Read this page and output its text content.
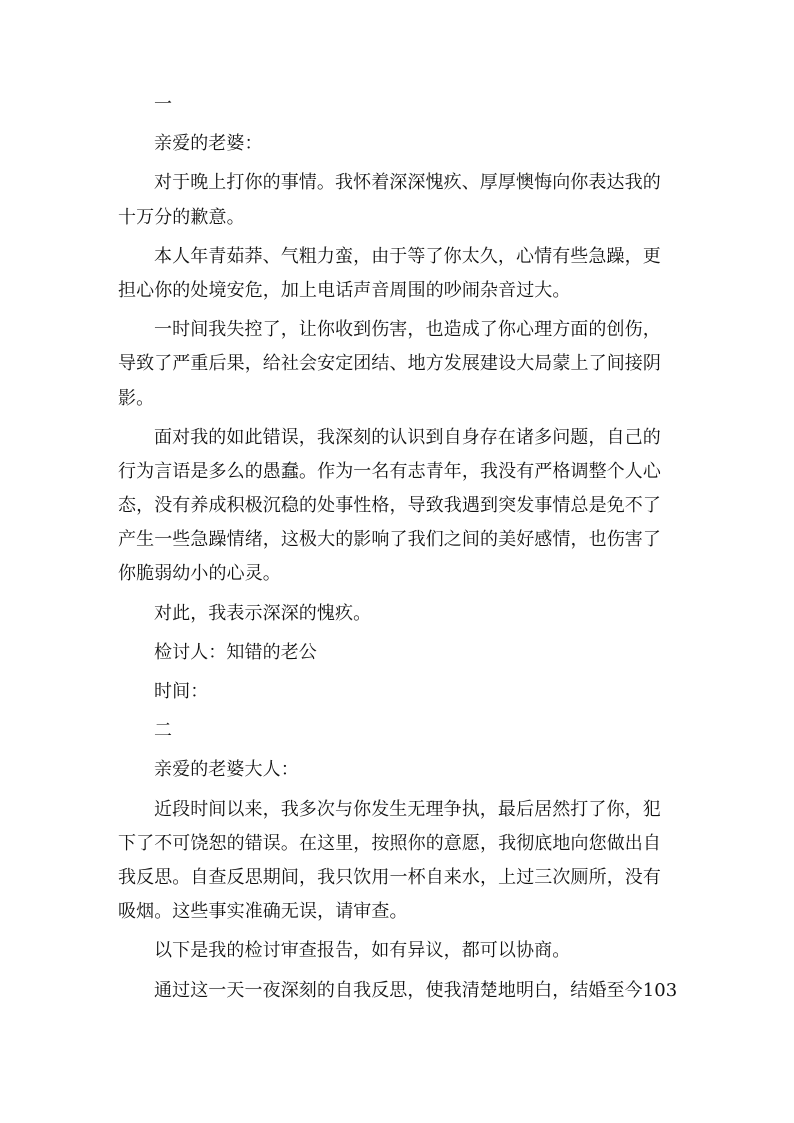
一
亲爱的老婆：
对于晚上打你的事情。我怀着深深愧疚、厚厚懊悔向你表达我的
十万分的歉意。
本人年青茹莽、气粗力蛮，由于等了你太久，心情有些急躁，更
担心你的处境安危，加上电话声音周围的吵闹杂音过大。
一时间我失控了，让你收到伤害，也造成了你心理方面的创伤，
导致了严重后果，给社会安定团结、地方发展建设大局蒙上了间接阴
影。
面对我的如此错误，我深刻的认识到自身存在诸多问题，自己的
行为言语是多么的愚蠢。作为一名有志青年，我没有严格调整个人心
态，没有养成积极沉稳的处事性格，导致我遇到突发事情总是免不了
产生一些急躁情绪，这极大的影响了我们之间的美好感情，也伤害了
你脆弱幼小的心灵。
对此，我表示深深的愧疚。
检讨人：知错的老公
时间：
二
亲爱的老婆大人：
近段时间以来，我多次与你发生无理争执，最后居然打了你，犯
下了不可饶恕的错误。在这里，按照你的意愿，我彻底地向您做出自
我反思。自查反思期间，我只饮用一杯自来水，上过三次厕所，没有
吸烟。这些事实准确无误，请审查。
以下是我的检讨审查报告，如有异议，都可以协商。
通过这一天一夜深刻的自我反思，使我清楚地明白，结婚至今103
